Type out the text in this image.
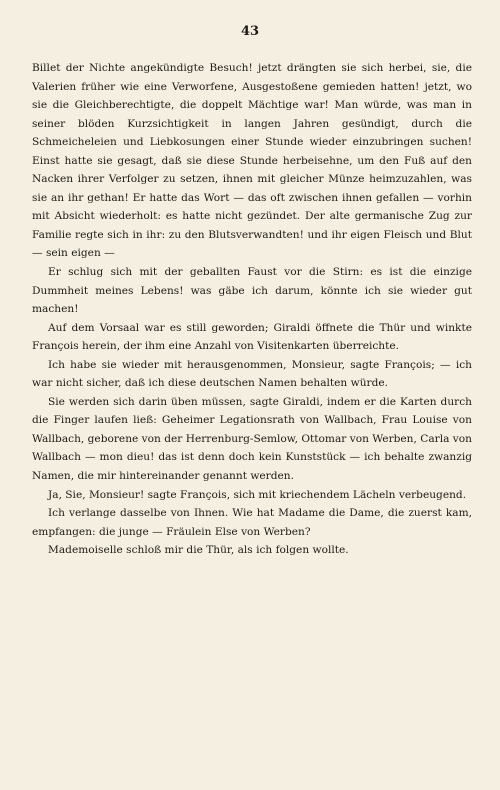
43

Billet der Nichte angekündigte Besuch! jetzt drängten sie sich herbei, sie, die Valerien früher wie eine Verworfene, Ausgestoßene gemieden hatten! jetzt, wo sie die Gleichberechtigte, die doppelt Mächtige war! Man würde, was man in seiner blöden Kurzsichtigkeit in langen Jahren gesündigt, durch die Schmeicheleien und Liebkosungen einer Stunde wieder einzubringen suchen! Einst hatte sie gesagt, daß sie diese Stunde herbeisehne, um den Fuß auf den Nacken ihrer Verfolger zu setzen, ihnen mit gleicher Münze heimzuzahlen, was sie an ihr gethan! Er hatte das Wort — das oft zwischen ihnen gefallen — vorhin mit Absicht wiederholt: es hatte nicht gezündet. Der alte germanische Zug zur Familie regte sich in ihr: zu den Blutsverwandten! und ihr eigen Fleisch und Blut — sein eigen —

Er schlug sich mit der geballten Faust vor die Stirn: es ist die einzige Dummheit meines Lebens! was gäbe ich darum, könnte ich sie wieder gut machen!

Auf dem Vorsaal war es still geworden; Giraldi öffnete die Thür und winkte François herein, der ihm eine Anzahl von Visitenkarten überreichte.

Ich habe sie wieder mit herausgenommen, Monsieur, sagte François; — ich war nicht sicher, daß ich diese deutschen Namen behalten würde.

Sie werden sich darin üben müssen, sagte Giraldi, indem er die Karten durch die Finger laufen ließ: Geheimer Legationsrath von Wallbach, Frau Louise von Wallbach, geborene von der Herrenburg-Semlow, Ottomar von Werben, Carla von Wallbach — mon dieu! das ist denn doch kein Kunststück — ich behalte zwanzig Namen, die mir hintereinander genannt werden.

Ja, Sie, Monsieur! sagte François, sich mit kriechendem Lächeln verbeugend.

Ich verlange dasselbe von Ihnen. Wie hat Madame die Dame, die zuerst kam, empfangen: die junge — Fräulein Else von Werben?

Mademoiselle schloß mir die Thür, als ich folgen wollte.
